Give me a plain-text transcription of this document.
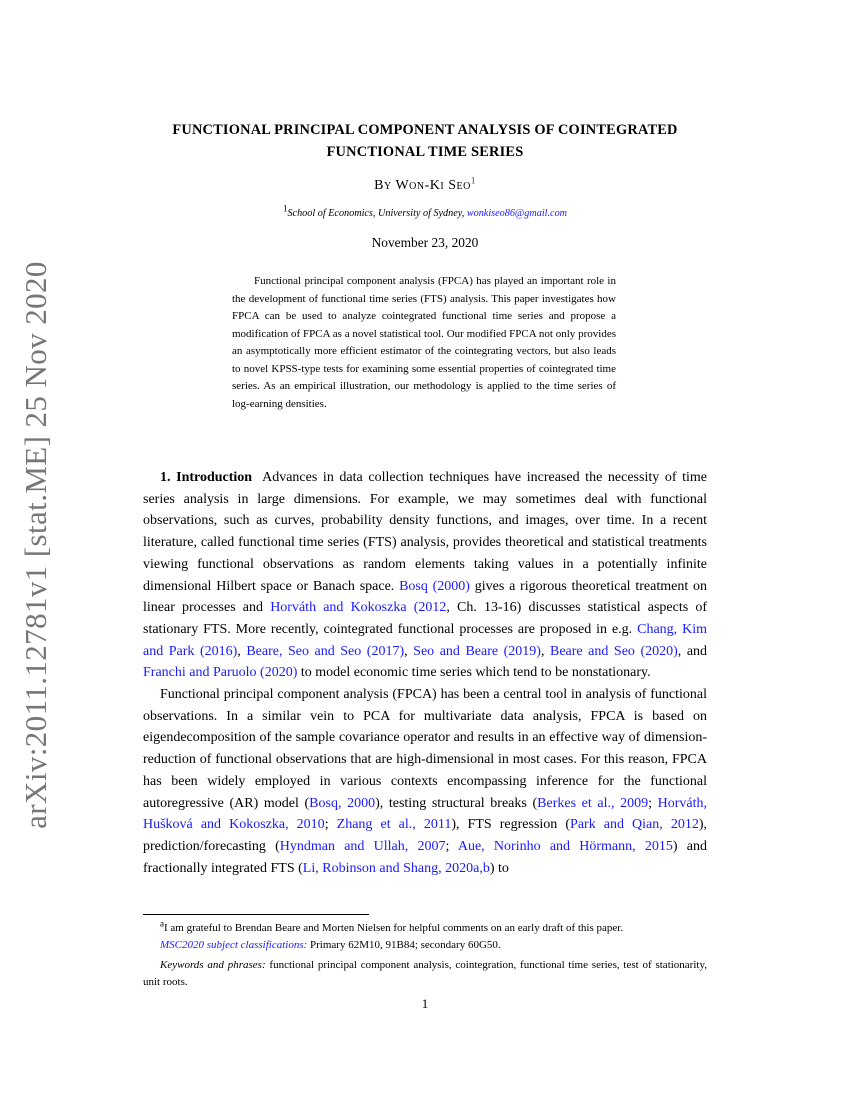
arXiv:2011.12781v1 [stat.ME] 25 Nov 2020
FUNCTIONAL PRINCIPAL COMPONENT ANALYSIS OF COINTEGRATED
FUNCTIONAL TIME SERIES
By Won-Ki Seo$^1$
$^1$School of Economics, University of Sydney, wonkiseo86@gmail.com
November 23, 2020
Functional principal component analysis (FPCA) has played an important role in the development of functional time series (FTS) analysis. This paper investigates how FPCA can be used to analyze cointegrated functional time series and propose a modification of FPCA as a novel statistical tool. Our modified FPCA not only provides an asymptotically more efficient estimator of the cointegrating vectors, but also leads to novel KPSS-type tests for examining some essential properties of cointegrated time series. As an empirical illustration, our methodology is applied to the time series of log-earning densities.

1. Introduction Advances in data collection techniques have increased the necessity of time series analysis in large dimensions. For example, we may sometimes deal with functional observations, such as curves, probability density functions, and images, over time. In a recent literature, called functional time series (FTS) analysis, provides theoretical and statistical treatments viewing functional observations as random elements taking values in a potentially infinite dimensional Hilbert space or Banach space. Bosq (2000) gives a rigorous theoretical treatment on linear processes and Horváth and Kokoszka (2012, Ch. 13-16) discusses statistical aspects of stationary FTS. More recently, cointegrated functional processes are proposed in e.g. Chang, Kim and Park (2016), Beare, Seo and Seo (2017), Seo and Beare (2019), Beare and Seo (2020), and Franchi and Paruolo (2020) to model economic time series which tend to be nonstationary.

Functional principal component analysis (FPCA) has been a central tool in analysis of functional observations. In a similar vein to PCA for multivariate data analysis, FPCA is based on eigendecomposition of the sample covariance operator and results in an effective way of dimension-reduction of functional observations that are high-dimensional in most cases. For this reason, FPCA has been widely employed in various contexts encompassing inference for the functional autoregressive (AR) model (Bosq, 2000), testing structural breaks (Berkes et al., 2009; Horváth, Hušková and Kokoszka, 2010; Zhang et al., 2011), FTS regression (Park and Qian, 2012), prediction/forecasting (Hyndman and Ullah, 2007; Aue, Norinho and Hörmann, 2015) and fractionally integrated FTS (Li, Robinson and Shang, 2020a,b) to

$^a$I am grateful to Brendan Beare and Morten Nielsen for helpful comments on an early draft of this paper.
MSC2020 subject classifications: Primary 62M10, 91B84; secondary 60G50.
Keywords and phrases: functional principal component analysis, cointegration, functional time series, test of stationarity, unit roots.
1
